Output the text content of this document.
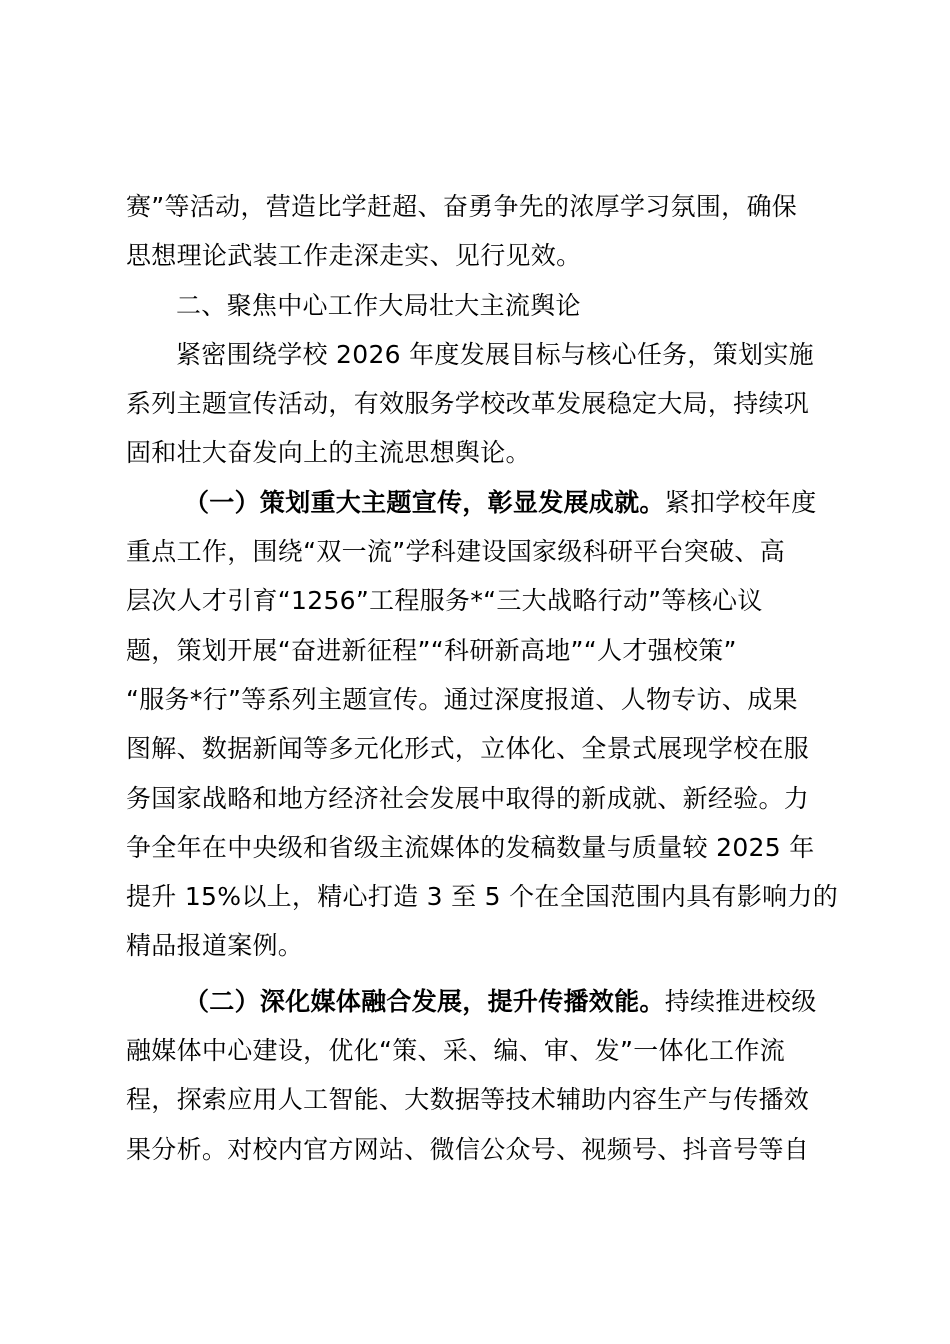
赛”等活动，营造比学赶超、奋勇争先的浓厚学习氛围，确保
思想理论武装工作走深走实、见行见效。
二、聚焦中心工作大局壮大主流舆论
紧密围绕学校 2026 年度发展目标与核心任务，策划实施
系列主题宣传活动，有效服务学校改革发展稳定大局，持续巩
固和壮大奋发向上的主流思想舆论。
（一）策划重大主题宣传，彰显发展成就。紧扣学校年度
重点工作，围绕“双一流”学科建设国家级科研平台突破、高
层次人才引育“1256”工程服务*“三大战略行动”等核心议
题，策划开展“奋进新征程”“科研新高地”“人才强校策”
“服务*行”等系列主题宣传。通过深度报道、人物专访、成果
图解、数据新闻等多元化形式，立体化、全景式展现学校在服
务国家战略和地方经济社会发展中取得的新成就、新经验。力
争全年在中央级和省级主流媒体的发稿数量与质量较 2025 年
提升 15%以上，精心打造 3 至 5 个在全国范围内具有影响力的
精品报道案例。
（二）深化媒体融合发展，提升传播效能。持续推进校级
融媒体中心建设，优化“策、采、编、审、发”一体化工作流
程，探索应用人工智能、大数据等技术辅助内容生产与传播效
果分析。对校内官方网站、微信公众号、视频号、抖音号等自
